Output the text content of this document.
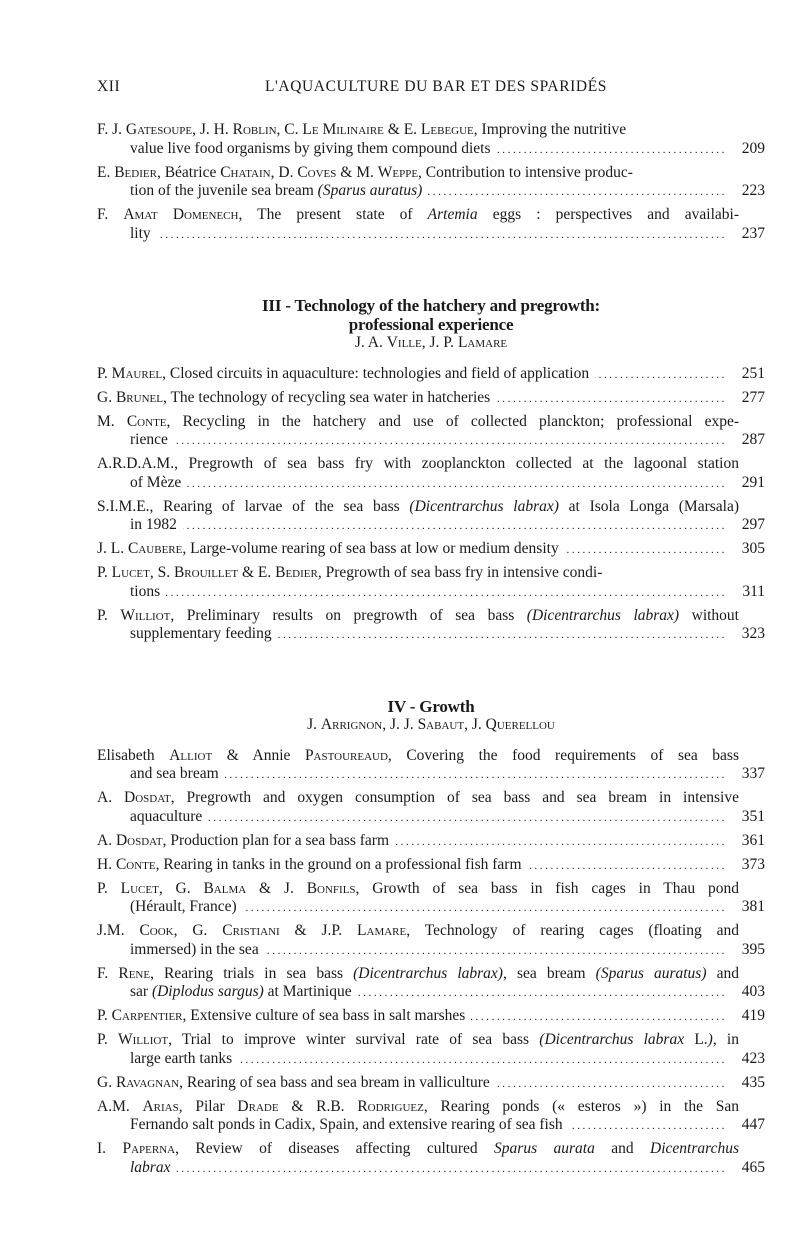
XII	L'AQUACULTURE DU BAR ET DES SPARIDÉS
F. J. Gatesoupe, J. H. Roblin, C. Le Milinaire & E. Lebegue, Improving the nutritive
value live food organisms by giving them compound diets .....	209
E. Bedier, Béatrice Chatain, D. Coves & M. Weppe, Contribution to intensive produc-
tion of the juvenile sea bream (Sparus auratus) .....	223
F. Amat Domenech, The present state of Artemia eggs : perspectives and availabi-
lity .....	237
III - Technology of the hatchery and pregrowth:
professional experience
J. A. Ville, J. P. Lamare
P. Maurel, Closed circuits in aquaculture: technologies and field of application .....	251
G. Brunel, The technology of recycling sea water in hatcheries .....	277
M. Conte, Recycling in the hatchery and use of collected planckton; professional expe-
rience .....	287
A.R.D.A.M., Pregrowth of sea bass fry with zooplanckton collected at the lagoonal station
of Mèze .....	291
S.I.M.E., Rearing of larvae of the sea bass (Dicentrarchus labrax) at Isola Longa (Marsala)
in 1982 .....	297
J. L. Caubere, Large-volume rearing of sea bass at low or medium density .....	305
P. Lucet, S. Brouillet & E. Bedier, Pregrowth of sea bass fry in intensive condi-
tions .....	311
P. Williot, Preliminary results on pregrowth of sea bass (Dicentrarchus labrax) without
supplementary feeding .....	323
IV - Growth
J. Arrignon, J. J. Sabaut, J. Querellou
Elisabeth Alliot & Annie Pastoureaud, Covering the food requirements of sea bass
and sea bream .....	337
A. Dosdat, Pregrowth and oxygen consumption of sea bass and sea bream in intensive
aquaculture .....	351
A. Dosdat, Production plan for a sea bass farm .....	361
H. Conte, Rearing in tanks in the ground on a professional fish farm .....	373
P. Lucet, G. Balma & J. Bonfils, Growth of sea bass in fish cages in Thau pond
(Hérault, France) .....	381
J.M. Cook, G. Cristiani & J.P. Lamare, Technology of rearing cages (floating and
immersed) in the sea .....	395
F. Rene, Rearing trials in sea bass (Dicentrarchus labrax), sea bream (Sparus auratus) and
sar (Diplodus sargus) at Martinique .....	403
P. Carpentier, Extensive culture of sea bass in salt marshes .....	419
P. Williot, Trial to improve winter survival rate of sea bass (Dicentrarchus labrax L.), in
large earth tanks .....	423
G. Ravagnan, Rearing of sea bass and sea bream in valliculture .....	435
A.M. Arias, Pilar Drade & R.B. Rodriguez, Rearing ponds (« esteros ») in the San
Fernando salt ponds in Cadix, Spain, and extensive rearing of sea fish .....	447
I. Paperna, Review of diseases affecting cultured Sparus aurata and Dicentrarchus
labrax .....	465
